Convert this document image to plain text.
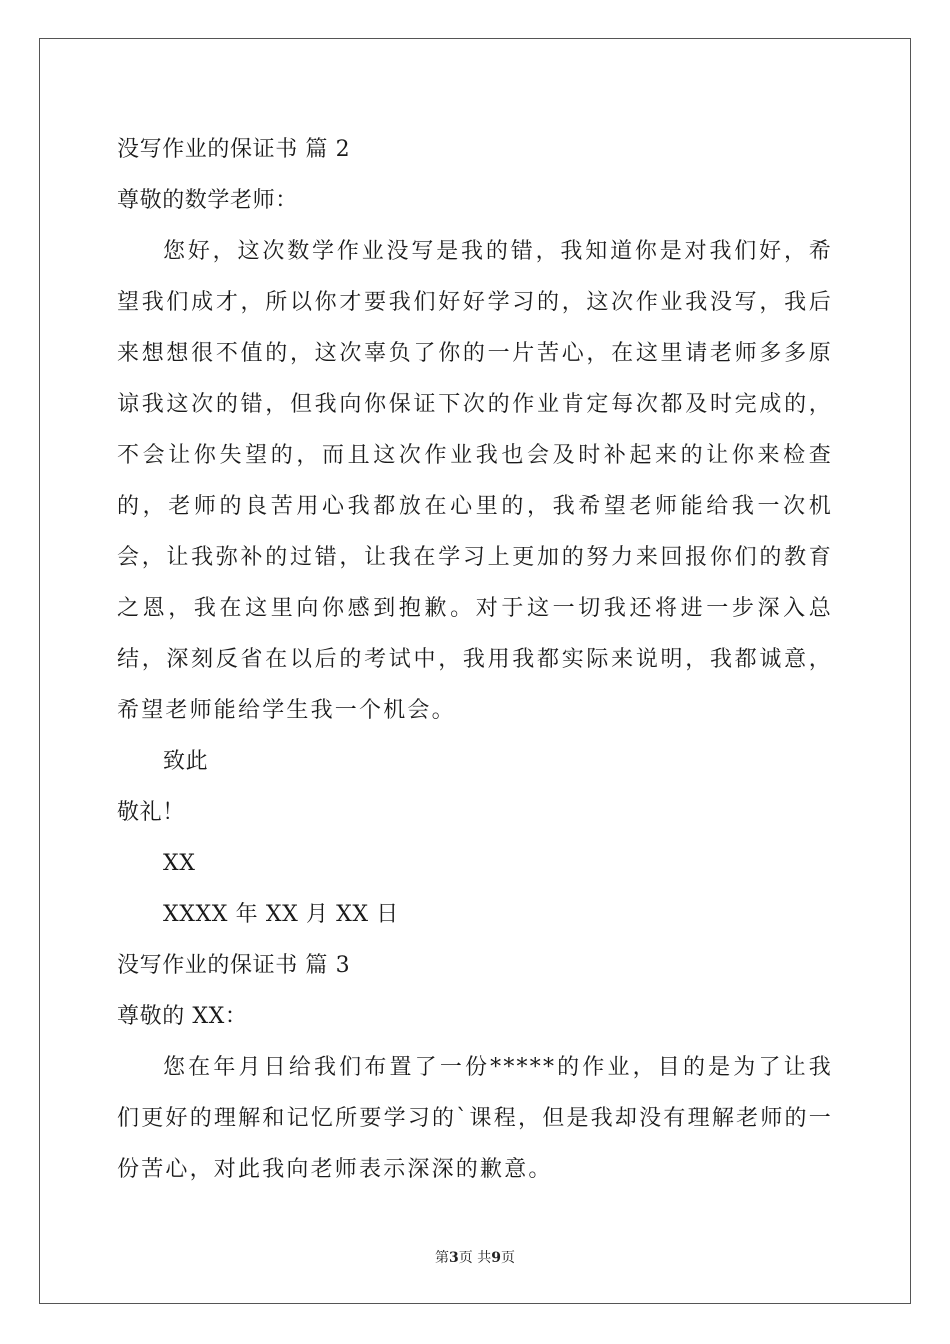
没写作业的保证书 篇 2
尊敬的数学老师：

您好，这次数学作业没写是我的错，我知道你是对我们好，希望我们成才，所以你才要我们好好学习的，这次作业我没写，我后来想想很不值的，这次辜负了你的一片苦心，在这里请老师多多原谅我这次的错，但我向你保证下次的作业肯定每次都及时完成的，不会让你失望的，而且这次作业我也会及时补起来的让你来检查的，老师的良苦用心我都放在心里的，我希望老师能给我一次机会，让我弥补的过错，让我在学习上更加的努力来回报你们的教育之恩，我在这里向你感到抱歉。对于这一切我还将进一步深入总结，深刻反省在以后的考试中，我用我都实际来说明，我都诚意，希望老师能给学生我一个机会。

致此
敬礼！
XX
XXXX 年 XX 月 XX 日
没写作业的保证书 篇 3
尊敬的 XX：

您在年月日给我们布置了一份*****的作业，目的是为了让我们更好的理解和记忆所要学习的`课程，但是我却没有理解老师的一份苦心，对此我向老师表示深深的歉意。

第3页 共9页
